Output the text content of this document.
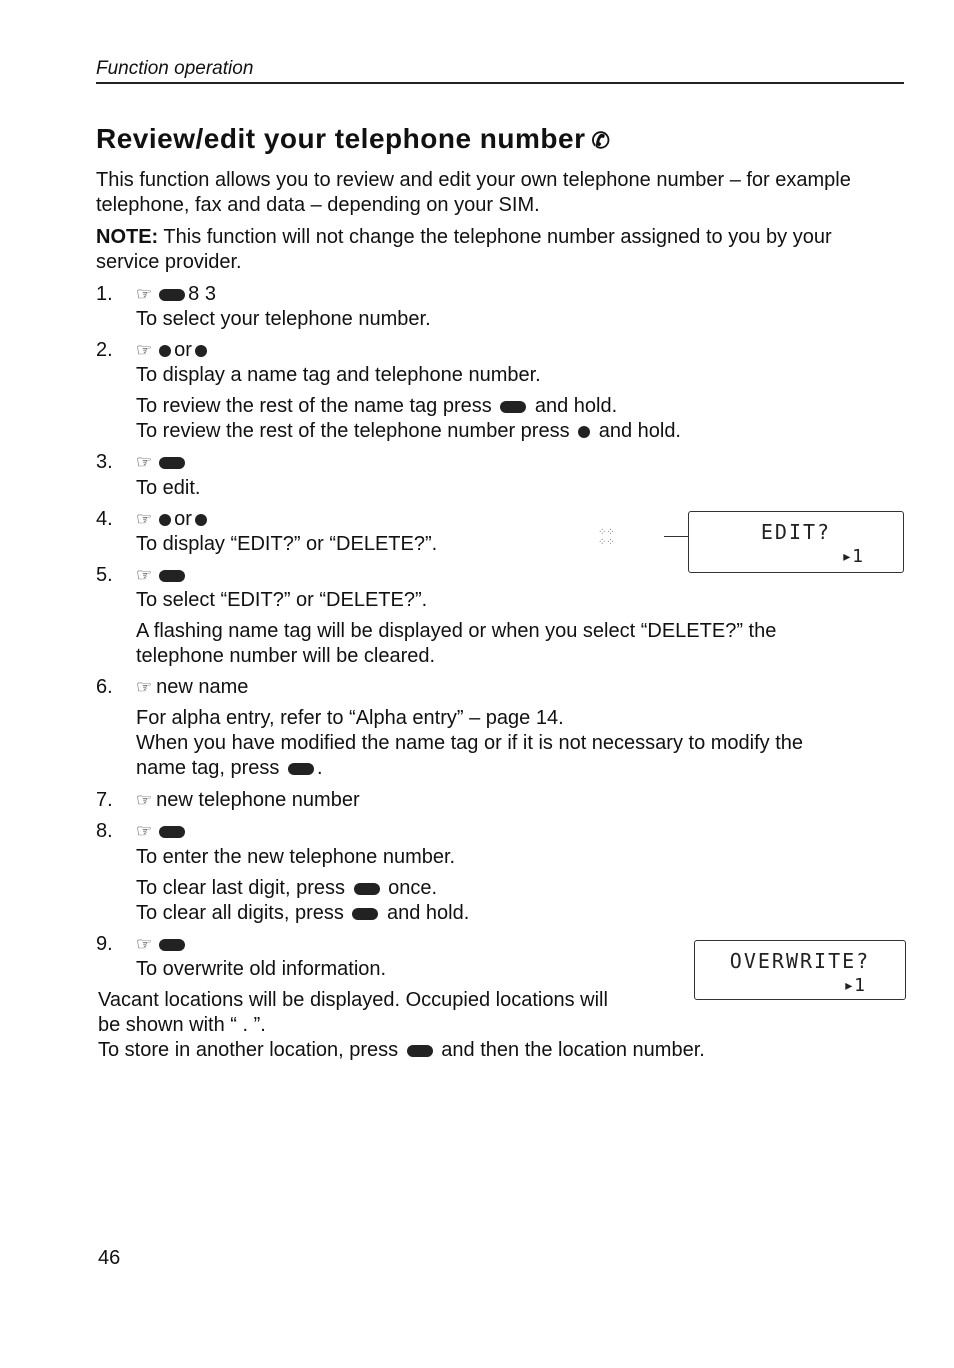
Function operation
Review/edit your telephone number ✆
This function allows you to review and edit your own telephone number – for example telephone, fax and data – depending on your SIM.
NOTE: This function will not change the telephone number assigned to you by your service provider.
1. ☞ 8 3
To select your telephone number.
2. ☞ or
To display a name tag and telephone number.
To review the rest of the name tag press  and hold.
To review the rest of the telephone number press  and hold.
3. ☞
To edit.
4. ☞ or
To display “EDIT?” or “DELETE?”.
⁘⁘
⁘⁘	EDIT?
▸1
5. ☞
To select “EDIT?” or “DELETE?”.
A flashing name tag will be displayed or when you select “DELETE?” the
telephone number will be cleared.
6. ☞ new name
For alpha entry, refer to “Alpha entry” – page 14.
When you have modified the name tag or if it is not necessary to modify the
name tag, press .
7. ☞ new telephone number
8. ☞
To enter the new telephone number.
To clear last digit, press  once.
To clear all digits, press  and hold.
9. ☞
To overwrite old information.	OVERWRITE?
▸1
Vacant locations will be displayed. Occupied locations will
be shown with “ . ”.
To store in another location, press  and then the location number.
46
